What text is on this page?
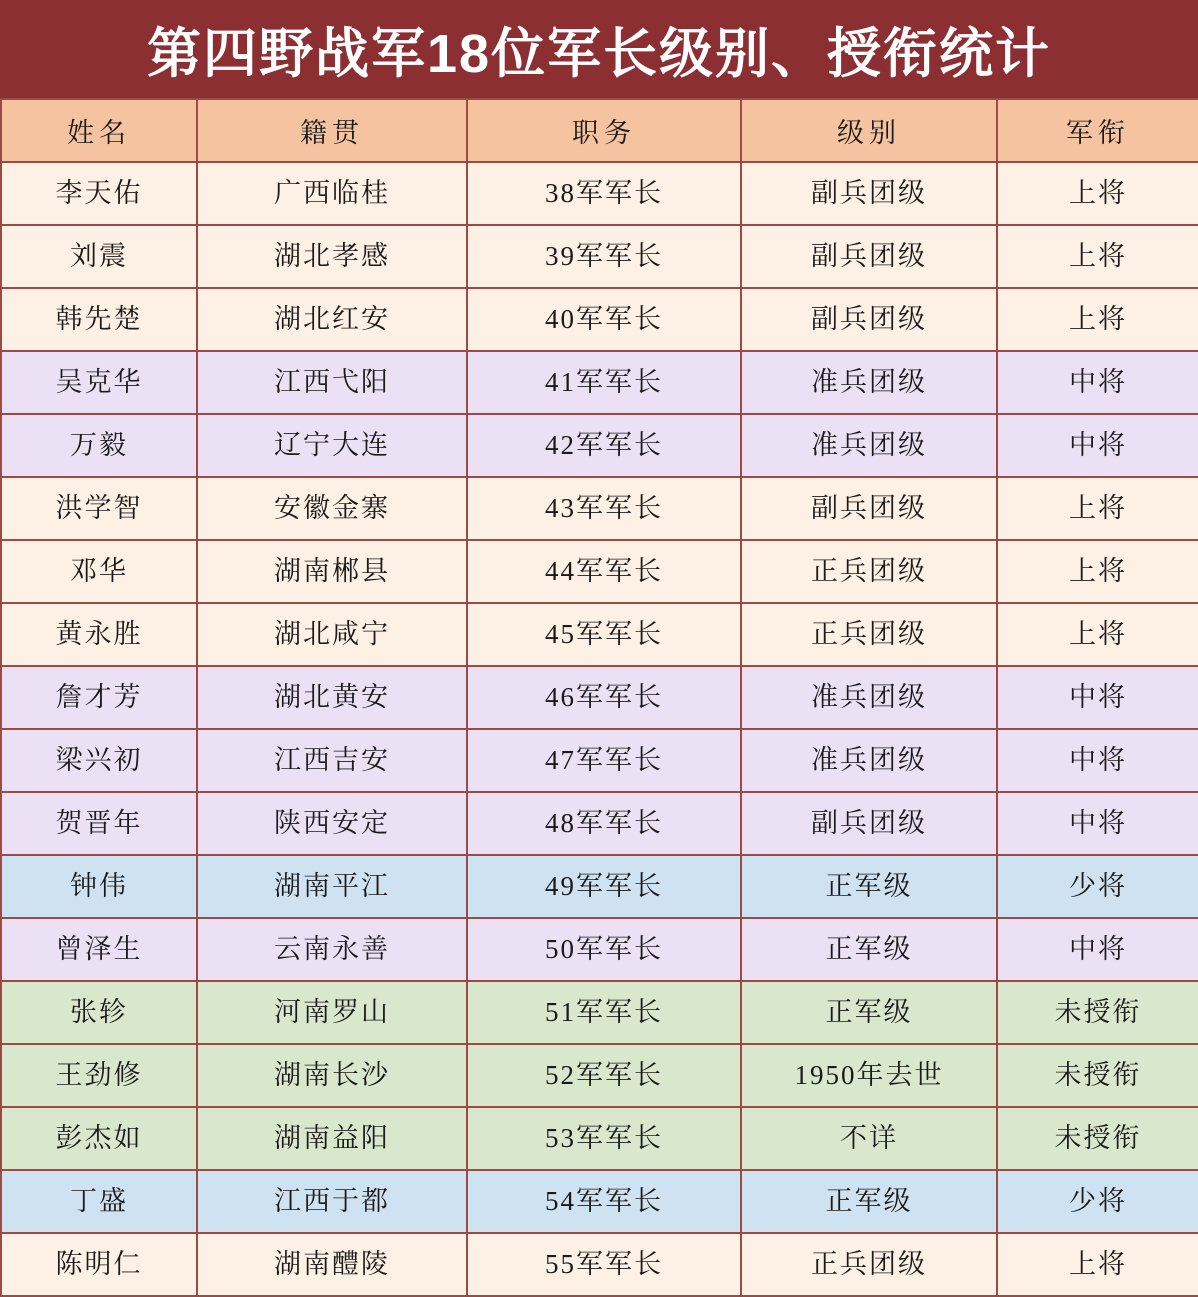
第四野战军18位军长级别、授衔统计
姓名	籍贯	职务	级别	军衔

李天佑	广西临桂	38军军长	副兵团级	上将

刘震	湖北孝感	39军军长	副兵团级	上将

韩先楚	湖北红安	40军军长	副兵团级	上将

吴克华	江西弋阳	41军军长	准兵团级	中将

万毅	辽宁大连	42军军长	准兵团级	中将

洪学智	安徽金寨	43军军长	副兵团级	上将

邓华	湖南郴县	44军军长	正兵团级	上将

黄永胜	湖北咸宁	45军军长	正兵团级	上将

詹才芳	湖北黄安	46军军长	准兵团级	中将

梁兴初	江西吉安	47军军长	准兵团级	中将

贺晋年	陕西安定	48军军长	副兵团级	中将

钟伟	湖南平江	49军军长	正军级	少将

曾泽生	云南永善	50军军长	正军级	中将

张轸	河南罗山	51军军长	正军级	未授衔

王劲修	湖南长沙	52军军长	1950年去世	未授衔

彭杰如	湖南益阳	53军军长	不详	未授衔

丁盛	江西于都	54军军长	正军级	少将

陈明仁	湖南醴陵	55军军长	正兵团级	上将
